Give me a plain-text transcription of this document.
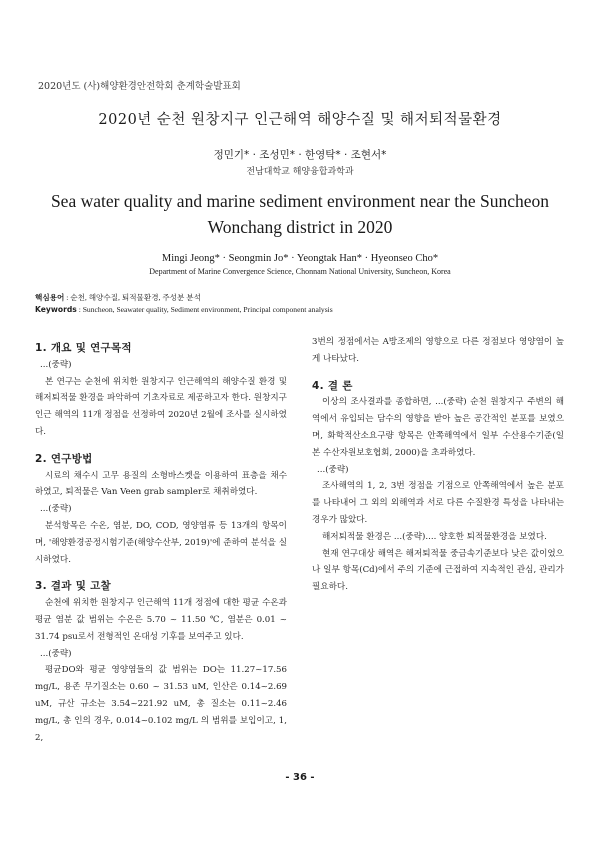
2020년도 (사)해양환경안전학회 춘계학술발표회
2020년 순천 원창지구 인근해역 해양수질 및 해저퇴적물환경
정민기* · 조성민* · 한영탁* · 조현서*
전남대학교 해양융합과학과
Sea water quality and marine sediment environment near the Suncheon
Wonchang district in 2020
Mingi Jeong* · Seongmin Jo* · Yeongtak Han* · Hyeonseo Cho*
Department of Marine Convergence Science, Chonnam National University, Suncheon, Korea
핵심용어 : 순천, 해양수질, 퇴적물환경, 주성분 분석
Keywords : Suncheon, Seawater quality, Sediment environment, Principal component analysis
1. 개요 및 연구목적

...(중략)

본 연구는 순천에 위치한 원창지구 인근해역의 해양수질 환경 및 해저퇴적물 환경을 파악하여 기초자료로 제공하고자 한다. 원창지구 인근 해역의 11개 정점을 선정하여 2020년 2월에 조사를 실시하였다.

2. 연구방법

시료의 채수시 고무 용질의 소형바스켓을 이용하여 표층을 채수하였고, 퇴적물은 Van Veen grab sampler로 채취하였다.

...(중략)

분석항목은 수온, 염분, DO, COD, 영양염류 등 13개의 항목이며, '해양환경공정시험기준(해양수산부, 2019)'에 준하여 분석을 실시하였다.

3. 결과 및 고찰

순천에 위치한 원창지구 인근해역 11개 정점에 대한 평균 수온과 평균 염분 값 범위는 수온은 5.70 ~ 11.50 ℃, 염분은 0.01 ~ 31.74 psu로서 전형적인 온대성 기후를 보여주고 있다.

...(중략)

평균DO와 평균 영양염들의 값 범위는 DO는 11.27~17.56 mg/L, 용존 무기질소는 0.60 ~ 31.53 uM, 인산은 0.14~2.69 uM, 규산 규소는 3.54~221.92 uM, 총 질소는 0.11~2.46 mg/L, 총 인의 경우, 0.014~0.102 mg/L 의 범위를 보입이고, 1, 2,

3번의 정점에서는 A방조제의 영향으로 다른 정점보다 영양염이 높게 나타났다.

4. 결 론

이상의 조사결과를 종합하면, ...(중략) 순천 원창지구 주변의 해역에서 유입되는 담수의 영향을 받아 높은 공간적인 분포를 보였으며, 화학적산소요구량 항목은 안쪽해역에서 일부 수산용수기준(일본 수산자원보호협회, 2000)을 초과하였다.

...(중략)

조사해역의 1, 2, 3번 정점을 기점으로 안쪽해역에서 높은 분포를 나타내어 그 외의 외해역과 서로 다른 수질환경 특성을 나타내는 경우가 많았다.

해저퇴적물 환경은 ...(중략).... 양호한 퇴적물환경을 보였다.

현재 연구대상 해역은 해저퇴적물 중금속기준보다 낮은 값이었으나 일부 항목(Cd)에서 주의 기준에 근접하여 지속적인 관심, 관리가 필요하다.

- 36 -
